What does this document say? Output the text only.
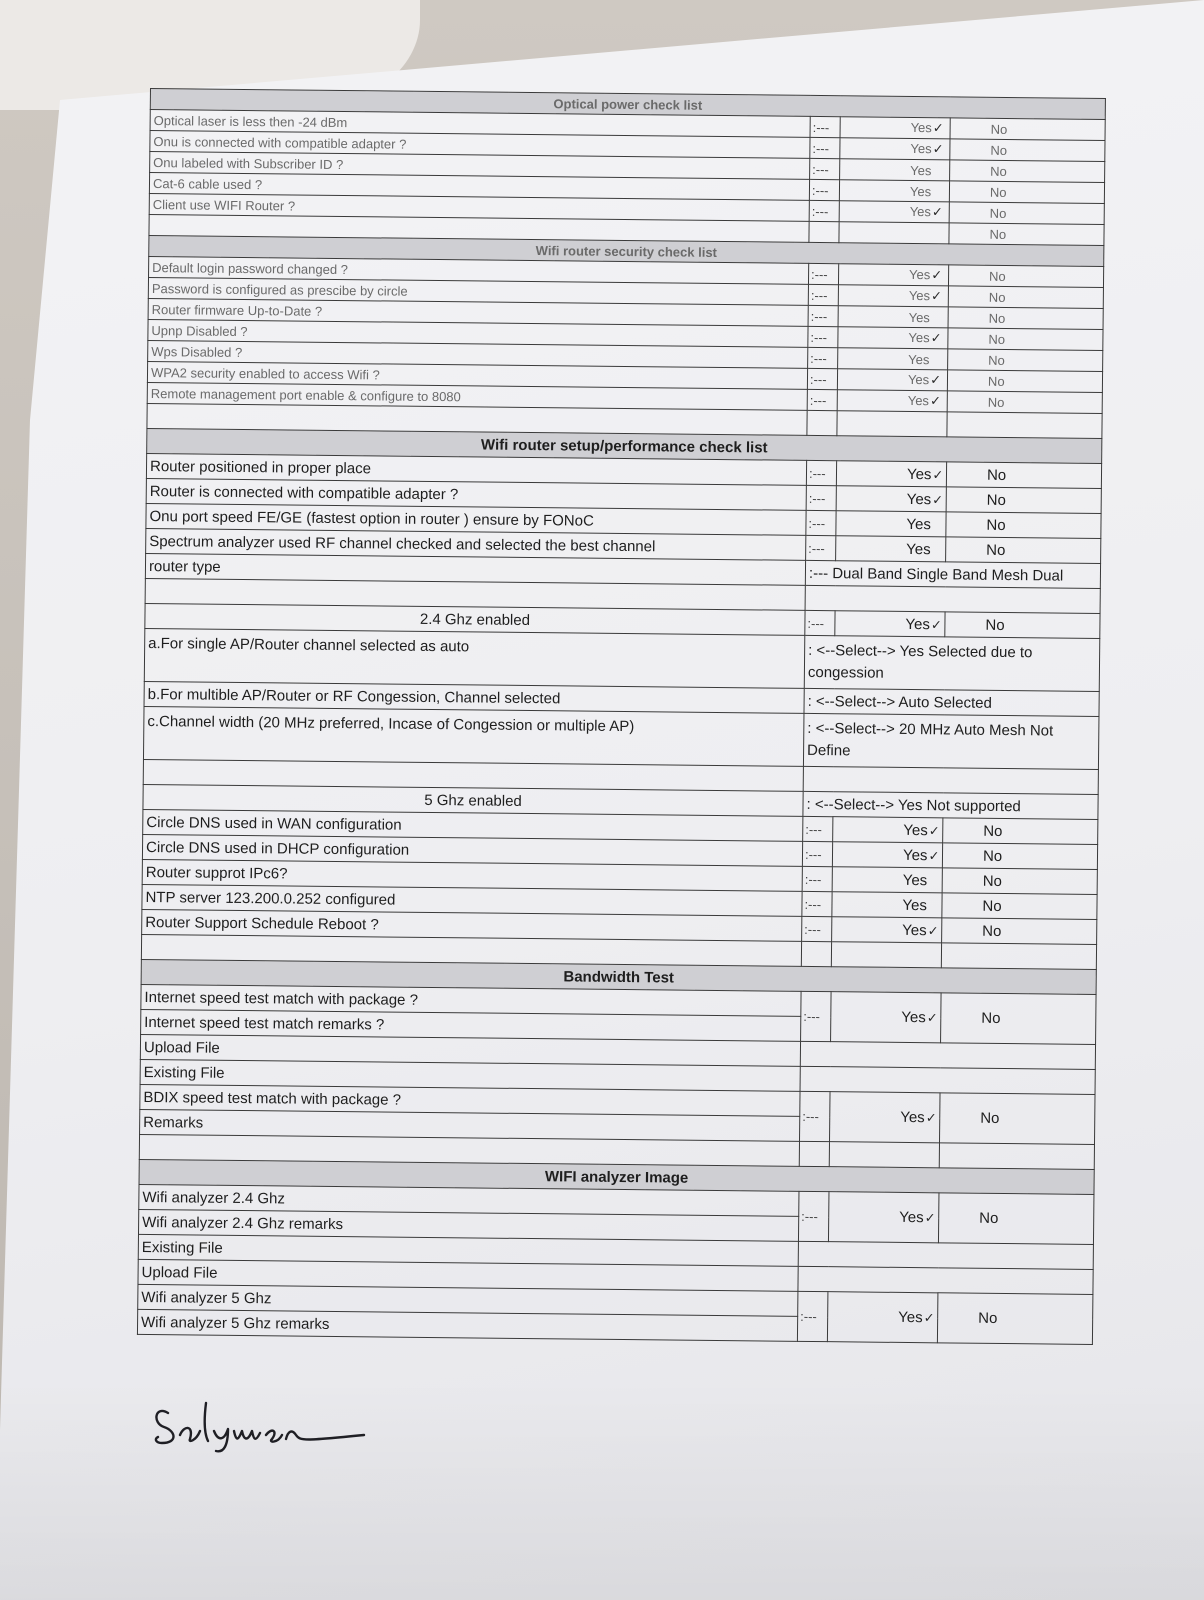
Optical power check list			
Optical laser is less then -24 dBm	:---	Yes✓	No
Onu is connected with compatible adapter ?	:---	Yes✓	No
Onu labeled with Subscriber ID ?	:---	Yes	No
Cat-6 cable used ?	:---	Yes	No
Client use WIFI Router ?	:---	Yes✓	No
			No
Wifi router security check list			
Default login password changed ?	:---	Yes✓	No
Password is configured as prescibe by circle	:---	Yes✓	No
Router firmware Up-to-Date ?	:---	Yes	No
Upnp Disabled ?	:---	Yes✓	No
Wps Disabled ?	:---	Yes	No
WPA2 security enabled to access Wifi ?	:---	Yes✓	No
Remote management port enable & configure to 8080	:---	Yes✓	No

Wifi router setup/performance check list			
Router positioned in proper place	:---	Yes✓	No
Router is connected with compatible adapter ?	:---	Yes✓	No
Onu port speed FE/GE (fastest option in router ) ensure by FONoC	:---	Yes	No
Spectrum analyzer used RF channel checked and selected the best channel	:---	Yes	No
router type	:--- Dual Band Single Band Mesh Dual		

2.4 Ghz enabled	:---	Yes✓	No
a.For single AP/Router channel selected as auto	: <--Select--> Yes Selected due to congession		
b.For multible AP/Router or RF Congession, Channel selected	: <--Select--> Auto Selected		
c.Channel width (20 MHz preferred, Incase of Congession or multiple AP)	: <--Select--> 20 MHz Auto Mesh Not Define		

5 Ghz enabled	: <--Select--> Yes Not supported		
Circle DNS used in WAN configuration	:---	Yes✓	No
Circle DNS used in DHCP configuration	:---	Yes✓	No
Router supprot IPc6?	:---	Yes	No
NTP server 123.200.0.252 configured	:---	Yes	No
Router Support Schedule Reboot ?	:---	Yes✓	No

Bandwidth Test			
Internet speed test match with package ?	:---	Yes✓	No
Internet speed test match remarks ?			
Upload File			
Existing File			
BDIX speed test match with package ?	:---	Yes✓	No
Remarks			

WIFI analyzer Image			
Wifi analyzer 2.4 Ghz	:---	Yes✓	No
Wifi analyzer 2.4 Ghz remarks			
Existing File			
Upload File			
Wifi analyzer 5 Ghz	:---	Yes✓	No
Wifi analyzer 5 Ghz remarks			
